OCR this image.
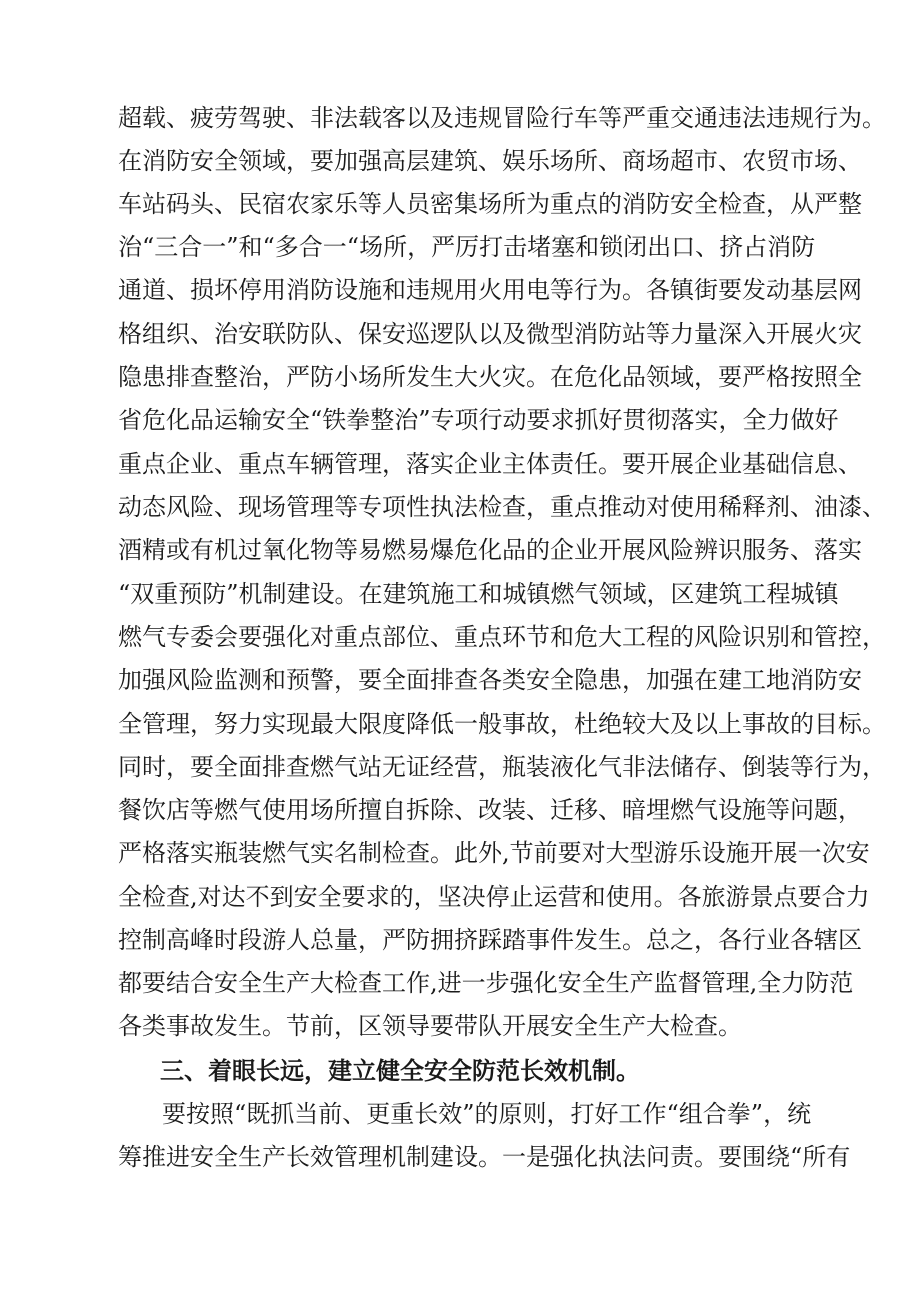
超载、疲劳驾驶、非法载客以及违规冒险行车等严重交通违法违规行为。
在消防安全领域，要加强高层建筑、娱乐场所、商场超市、农贸市场、
车站码头、民宿农家乐等人员密集场所为重点的消防安全检查，从严整
治“三合一”和“多合一“场所，严厉打击堵塞和锁闭出口、挤占消防
通道、损坏停用消防设施和违规用火用电等行为。各镇街要发动基层网
格组织、治安联防队、保安巡逻队以及微型消防站等力量深入开展火灾
隐患排查整治，严防小场所发生大火灾。在危化品领域，要严格按照全
省危化品运输安全“铁拳整治”专项行动要求抓好贯彻落实，全力做好
重点企业、重点车辆管理，落实企业主体责任。要开展企业基础信息、
动态风险、现场管理等专项性执法检查，重点推动对使用稀释剂、油漆、
酒精或有机过氧化物等易燃易爆危化品的企业开展风险辨识服务、落实
“双重预防”机制建设。在建筑施工和城镇燃气领域，区建筑工程城镇
燃气专委会要强化对重点部位、重点环节和危大工程的风险识别和管控，
加强风险监测和预警，要全面排查各类安全隐患，加强在建工地消防安
全管理，努力实现最大限度降低一般事故，杜绝较大及以上事故的目标。
同时，要全面排查燃气站无证经营，瓶装液化气非法储存、倒装等行为，
餐饮店等燃气使用场所擅自拆除、改装、迁移、暗埋燃气设施等问题，
严格落实瓶装燃气实名制检查。此外,节前要对大型游乐设施开展一次安
全检查,对达不到安全要求的，坚决停止运营和使用。各旅游景点要合力
控制高峰时段游人总量，严防拥挤踩踏事件发生。总之，各行业各辖区
都要结合安全生产大检查工作,进一步强化安全生产监督管理,全力防范
各类事故发生。节前，区领导要带队开展安全生产大检查。
三、着眼长远，建立健全安全防范长效机制。
要按照“既抓当前、更重长效”的原则，打好工作“组合拳”，统
筹推进安全生产长效管理机制建设。一是强化执法问责。要围绕“所有
